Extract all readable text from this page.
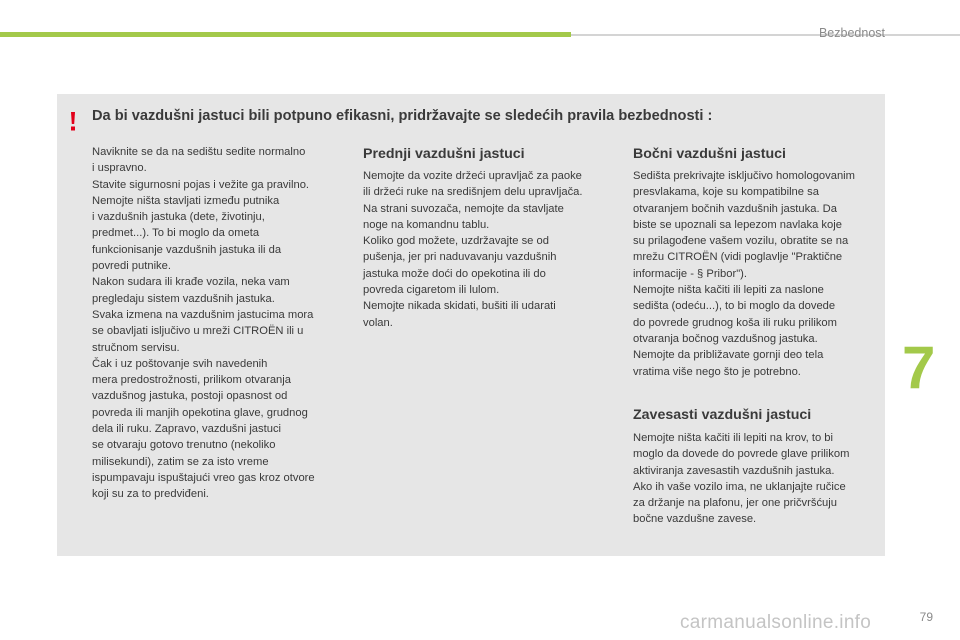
Bezbednost
Da bi vazdušni jastuci bili potpuno efikasni, pridržavajte se sledećih pravila bezbednosti :

Naviknite se da na sedištu sedite normalno
i uspravno.
Stavite sigurnosni pojas i vežite ga pravilno.
Nemojte ništa stavljati između putnika
i vazdušnih jastuka (dete, životinju,
predmet...). To bi moglo da ometa
funkcionisanje vazdušnih jastuka ili da
povredi putnike.
Nakon sudara ili krađe vozila, neka vam
pregledaju sistem vazdušnih jastuka.
Svaka izmena na vazdušnim jastucima mora
se obavljati isljučivo u mreži CITROËN ili u
stručnom servisu.
Čak i uz poštovanje svih navedenih
mera predostrožnosti, prilikom otvaranja
vazdušnog jastuka, postoji opasnost od
povreda ili manjih opekotina glave, grudnog
dela ili ruku. Zapravo, vazdušni jastuci
se otvaraju gotovo trenutno (nekoliko
milisekundi), zatim se za isto vreme
ispumpavaju ispuštajući vreo gas kroz otvore
koji su za to predviđeni.

Prednji vazdušni jastuci

Nemojte da vozite držeći upravljač za paoke
ili držeći ruke na središnjem delu upravljača.
Na strani suvozača, nemojte da stavljate
noge na komandnu tablu.
Koliko god možete, uzdržavajte se od
pušenja, jer pri naduvavanju vazdušnih
jastuka može doći do opekotina ili do
povreda cigaretom ili lulom.
Nemojte nikada skidati, bušiti ili udarati
volan.

Bočni vazdušni jastuci

Sedišta prekrivajte isključivo homologovanim
presvlakama, koje su kompatibilne sa
otvaranjem bočnih vazdušnih jastuka. Da
biste se upoznali sa lepezom navlaka koje
su prilagođene vašem vozilu, obratite se na
mrežu CITROËN (vidi poglavlje "Praktične
informacije - § Pribor").
Nemojte ništa kačiti ili lepiti za naslone
sedišta (odeću...), to bi moglo da dovede
do povrede grudnog koša ili ruku prilikom
otvaranja bočnog vazdušnog jastuka.
Nemojte da približavate gornji deo tela
vratima više nego što je potrebno.

Zavesasti vazdušni jastuci

Nemojte ništa kačiti ili lepiti na krov, to bi
moglo da dovede do povrede glave prilikom
aktiviranja zavesastih vazdušnih jastuka.
Ako ih vaše vozilo ima, ne uklanjajte ručice
za držanje na plafonu, jer one pričvršćuju
bočne vazdušne zavese.

7
79
carmanualsonline.info
